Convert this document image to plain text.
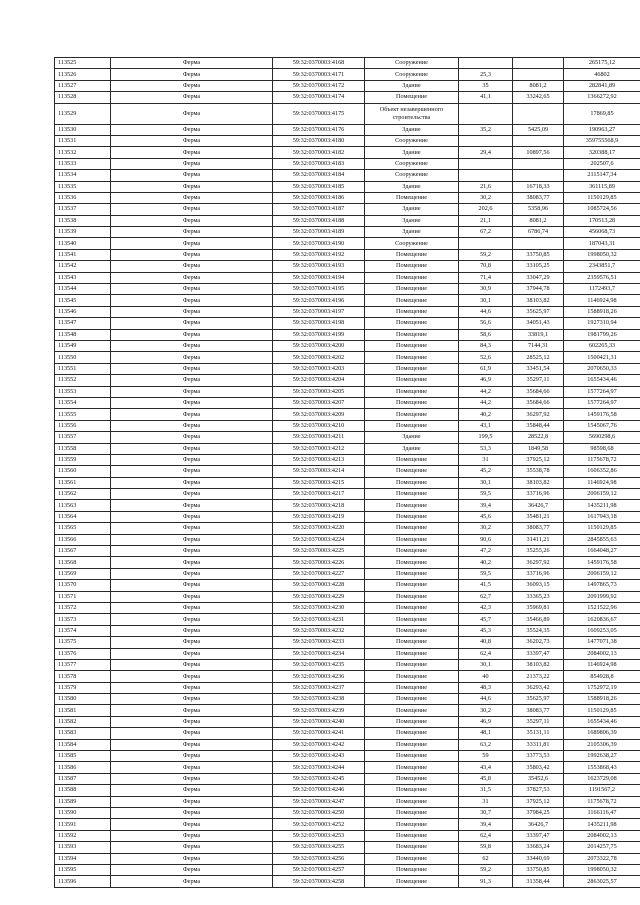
113525	Ферма	59:32:0370003:4168	Сооружение			265175,12
113526	Ферма	59:32:0370003:4171	Сооружение	25,3		46802
113527	Ферма	59:32:0370003:4172	Здание	35	8081,2	282841,89
113528	Ферма	59:32:0370003:4174	Помещение	41,1	33242,65	1366272,92
113529	Ферма	59:32:0370003:4175	Объект незавершенного строительства			17869,85
113530	Ферма	59:32:0370003:4176	Здание	35,2	5425,09	190963,27
113531	Ферма	59:32:0370003:4180	Сооружение			359755568,9
113532	Ферма	59:32:0370003:4182	Здание	29,4	10897,56	320388,17
113533	Ферма	59:32:0370003:4183	Сооружение			202507,6
113534	Ферма	59:32:0370003:4184	Сооружение			2115147,34
113535	Ферма	59:32:0370003:4185	Здание	21,6	16718,33	361115,89
113536	Ферма	59:32:0370003:4186	Помещение	30,2	38083,77	1150129,85
113537	Ферма	59:32:0370003:4187	Здание	202,6	5358,96	1085724,56
113538	Ферма	59:32:0370003:4188	Здание	21,1	8081,2	170513,28
113539	Ферма	59:32:0370003:4189	Здание	67,2	6786,74	456068,73
113540	Ферма	59:32:0370003:4190	Сооружение			187043,31
113541	Ферма	59:32:0370003:4192	Помещение	59,2	33750,85	1998050,32
113542	Ферма	59:32:0370003:4193	Помещение	70,8	33105,25	2343851,7
113543	Ферма	59:32:0370003:4194	Помещение	71,4	33047,29	2359576,51
113544	Ферма	59:32:0370003:4195	Помещение	30,9	37944,78	1172493,7
113545	Ферма	59:32:0370003:4196	Помещение	30,1	38103,82	1146924,98
113546	Ферма	59:32:0370003:4197	Помещение	44,6	35625,97	1588918,26
113547	Ферма	59:32:0370003:4198	Помещение	56,6	34051,43	1927310,94
113548	Ферма	59:32:0370003:4199	Помещение	58,6	33819,1	1981799,26
113549	Ферма	59:32:0370003:4200	Помещение	84,3	7144,31	602265,33
113550	Ферма	59:32:0370003:4202	Помещение	52,6	28525,12	1500421,31
113551	Ферма	59:32:0370003:4203	Помещение	61,9	33451,54	2070650,33
113552	Ферма	59:32:0370003:4204	Помещение	46,9	35297,11	1655434,46
113553	Ферма	59:32:0370003:4205	Помещение	44,2	35684,66	1577264,97
113554	Ферма	59:32:0370003:4207	Помещение	44,2	35684,66	1577264,97
113555	Ферма	59:32:0370003:4209	Помещение	40,2	36297,92	1459176,58
113556	Ферма	59:32:0370003:4210	Помещение	43,1	35848,44	1545067,76
113557	Ферма	59:32:0370003:4211	Здание	199,5	28522,8	5690298,6
113558	Ферма	59:32:0370003:4212	Здание	53,3	1849,58	98598,68
113559	Ферма	59:32:0370003:4213	Помещение	31	37925,12	1175678,72
113560	Ферма	59:32:0370003:4214	Помещение	45,2	35538,78	1606352,86
113561	Ферма	59:32:0370003:4215	Помещение	30,1	38103,82	1146924,98
113562	Ферма	59:32:0370003:4217	Помещение	59,5	33716,96	2006159,12
113563	Ферма	59:32:0370003:4218	Помещение	39,4	36426,7	1435211,98
113564	Ферма	59:32:0370003:4219	Помещение	45,6	35481,21	1617943,18
113565	Ферма	59:32:0370003:4220	Помещение	30,2	38083,77	1150129,85
113566	Ферма	59:32:0370003:4224	Помещение	90,6	31411,21	2845855,63
113567	Ферма	59:32:0370003:4225	Помещение	47,2	35255,26	1664048,27
113568	Ферма	59:32:0370003:4226	Помещение	40,2	36297,92	1459176,58
113569	Ферма	59:32:0370003:4227	Помещение	59,5	33716,96	2006159,12
113570	Ферма	59:32:0370003:4228	Помещение	41,5	36093,15	1497865,73
113571	Ферма	59:32:0370003:4229	Помещение	62,7	33365,23	2091999,92
113572	Ферма	59:32:0370003:4230	Помещение	42,3	35969,81	1521522,96
113573	Ферма	59:32:0370003:4231	Помещение	45,7	35466,89	1620836,67
113574	Ферма	59:32:0370003:4232	Помещение	45,3	35524,35	1609253,05
113575	Ферма	59:32:0370003:4233	Помещение	40,8	36202,73	1477071,38
113576	Ферма	59:32:0370003:4234	Помещение	62,4	33397,47	2084002,13
113577	Ферма	59:32:0370003:4235	Помещение	30,1	38103,82	1146924,98
113578	Ферма	59:32:0370003:4236	Помещение	40	21373,22	854928,8
113579	Ферма	59:32:0370003:4237	Помещение	48,3	36293,42	1752972,19
113580	Ферма	59:32:0370003:4238	Помещение	44,6	35625,97	1588918,26
113581	Ферма	59:32:0370003:4239	Помещение	30,2	38083,77	1150129,85
113582	Ферма	59:32:0370003:4240	Помещение	46,9	35297,11	1655434,46
113583	Ферма	59:32:0370003:4241	Помещение	48,1	35131,11	1689806,39
113584	Ферма	59:32:0370003:4242	Помещение	63,2	33311,81	2105306,39
113585	Ферма	59:32:0370003:4243	Помещение	59	33773,53	1992638,27
113586	Ферма	59:32:0370003:4244	Помещение	43,4	35803,42	1553868,43
113587	Ферма	59:32:0370003:4245	Помещение	45,8	35452,6	1623729,08
113588	Ферма	59:32:0370003:4246	Помещение	31,5	37827,53	1191567,2
113589	Ферма	59:32:0370003:4247	Помещение	31	37925,12	1175678,72
113590	Ферма	59:32:0370003:4250	Помещение	30,7	37984,25	1166116,47
113591	Ферма	59:32:0370003:4252	Помещение	39,4	36426,7	1435211,98
113592	Ферма	59:32:0370003:4253	Помещение	62,4	33397,47	2084002,13
113593	Ферма	59:32:0370003:4255	Помещение	59,8	33683,24	2014257,75
113594	Ферма	59:32:0370003:4256	Помещение	62	33440,69	2073322,78
113595	Ферма	59:32:0370003:4257	Помещение	59,2	33750,85	1998050,32
113596	Ферма	59:32:0370003:4258	Помещение	91,3	31358,44	2863025,57
